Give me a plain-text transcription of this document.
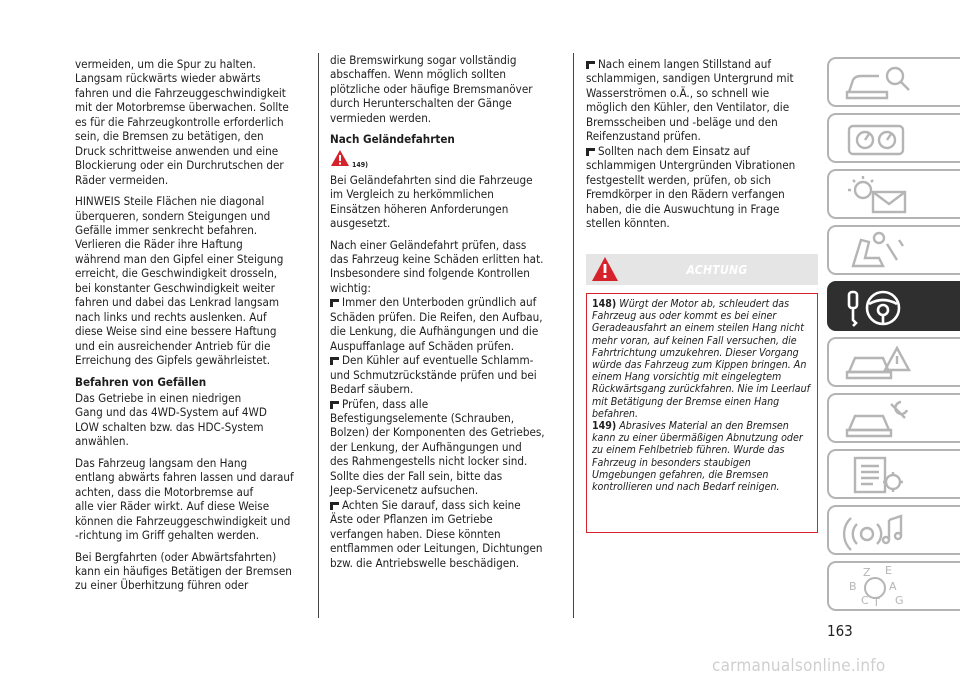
vermeiden, um die Spur zu halten.
Langsam rückwärts wieder abwärts
fahren und die Fahrzeuggeschwindigkeit
mit der Motorbremse überwachen. Sollte
es für die Fahrzeugkontrolle erforderlich
sein, die Bremsen zu betätigen, den
Druck schrittweise anwenden und eine
Blockierung oder ein Durchrutschen der
Räder vermeiden.

HINWEIS Steile Flächen nie diagonal
überqueren, sondern Steigungen und
Gefälle immer senkrecht befahren.
Verlieren die Räder ihre Haftung
während man den Gipfel einer Steigung
erreicht, die Geschwindigkeit drosseln,
bei konstanter Geschwindigkeit weiter
fahren und dabei das Lenkrad langsam
nach links und rechts auslenken. Auf
diese Weise sind eine bessere Haftung
und ein ausreichender Antrieb für die
Erreichung des Gipfels gewährleistet.

Befahren von Gefällen

Das Getriebe in einen niedrigen
Gang und das 4WD-System auf 4WD
LOW schalten bzw. das HDC-System
anwählen.

Das Fahrzeug langsam den Hang
entlang abwärts fahren lassen und darauf
achten, dass die Motorbremse auf
alle vier Räder wirkt. Auf diese Weise
können die Fahrzeuggeschwindigkeit und
-richtung im Griff gehalten werden.

Bei Bergfahrten (oder Abwärtsfahrten)
kann ein häufiges Betätigen der Bremsen
zu einer Überhitzung führen oder

die Bremswirkung sogar vollständig
abschaffen. Wenn möglich sollten
plötzliche oder häufige Bremsmanöver
durch Herunterschalten der Gänge
vermieden werden.

Nach Geländefahrten
149)

Bei Geländefahrten sind die Fahrzeuge
im Vergleich zu herkömmlichen
Einsätzen höheren Anforderungen
ausgesetzt.

Nach einer Geländefahrt prüfen, dass
das Fahrzeug keine Schäden erlitten hat.
Insbesondere sind folgende Kontrollen
wichtig:

Immer den Unterboden gründlich auf
Schäden prüfen. Die Reifen, den Aufbau,
die Lenkung, die Aufhängungen und die
Auspuffanlage auf Schäden prüfen.
Den Kühler auf eventuelle Schlamm-
und Schmutzrückstände prüfen und bei
Bedarf säubern.
Prüfen, dass alle
Befestigungselemente (Schrauben,
Bolzen) der Komponenten des Getriebes,
der Lenkung, der Aufhängungen und
des Rahmengestells nicht locker sind.
Sollte dies der Fall sein, bitte das
Jeep-Servicenetz aufsuchen.
Achten Sie darauf, dass sich keine
Äste oder Pflanzen im Getriebe
verfangen haben. Diese könnten
entflammen oder Leitungen, Dichtungen
bzw. die Antriebswelle beschädigen.
Nach einem langen Stillstand auf
schlammigen, sandigen Untergrund mit
Wasserströmen o.Ä., so schnell wie
möglich den Kühler, den Ventilator, die
Bremsscheiben und -beläge und den
Reifenzustand prüfen.
Sollten nach dem Einsatz auf
schlammigen Untergründen Vibrationen
festgestellt werden, prüfen, ob sich
Fremdkörper in den Rädern verfangen
haben, die die Auswuchtung in Frage
stellen könnten.
ACHTUNG

148) Würgt der Motor ab, schleudert das Fahrzeug aus oder kommt es bei einer Geradeausfahrt an einem steilen Hang nicht mehr voran, auf keinen Fall versuchen, die Fahrtrichtung umzukehren. Dieser Vorgang würde das Fahrzeug zum Kippen bringen. An einem Hang vorsichtig mit eingelegtem Rückwärtsgang zurückfahren. Nie im Leerlauf mit Betätigung der Bremse einen Hang befahren.

149) Abrasives Material an den Bremsen kann zu einer übermäßigen Abnutzung oder zu einem Fehlbetrieb führen. Wurde das Fahrzeug in besonders staubigen Umgebungen gefahren, die Bremsen kontrollieren und nach Bedarf reinigen.

Z E
B	A
C T G
163
carmanualsonline.info
